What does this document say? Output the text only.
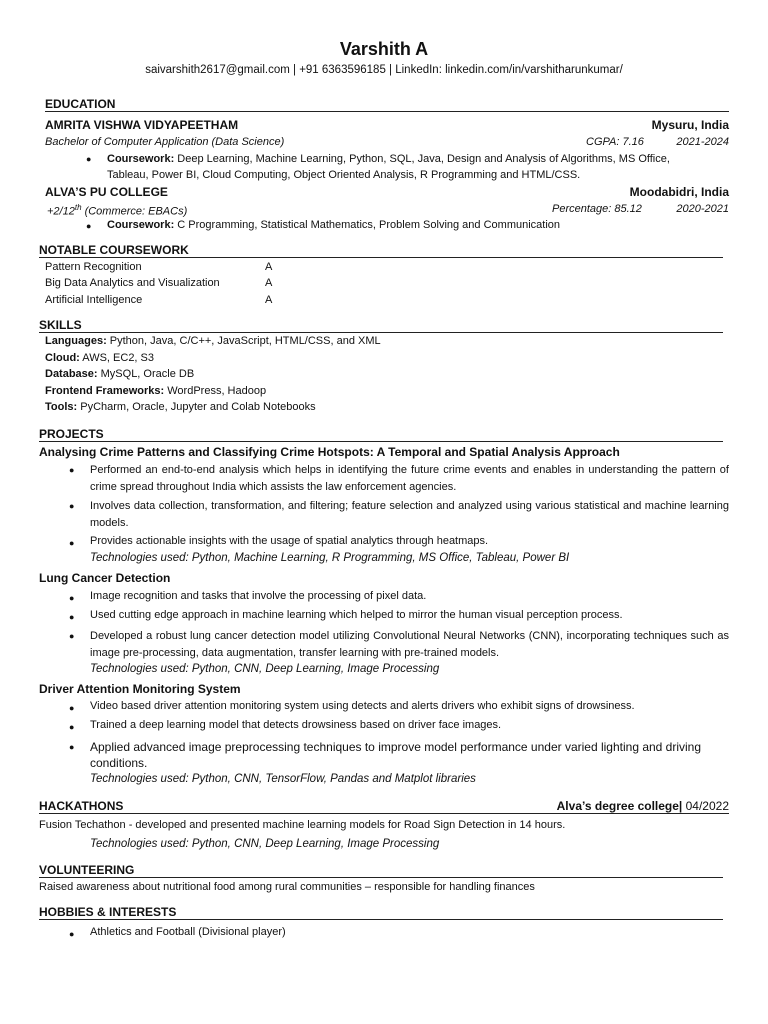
Varshith A
saivarshith2617@gmail.com | +91 6363596185 | LinkedIn: linkedin.com/in/varshitharunkumar/
EDUCATION
AMRITA VISHWA VIDYAPEETHAM	Mysuru, India
Bachelor of Computer Application (Data Science)	CGPA: 7.16	2021-2024
● Coursework: Deep Learning, Machine Learning, Python, SQL, Java, Design and Analysis of Algorithms, MS Office, Tableau, Power BI, Cloud Computing, Object Oriented Analysis, R Programming and HTML/CSS.
ALVA’S PU COLLEGE	Moodabidri, India
+2/12th (Commerce: EBACs)	Percentage: 85.12	2020-2021
● Coursework: C Programming, Statistical Mathematics, Problem Solving and Communication
NOTABLE COURSEWORK
Pattern Recognition	A
Big Data Analytics and Visualization	A
Artificial Intelligence	A
SKILLS
Languages: Python, Java, C/C++, JavaScript, HTML/CSS, and XML
Cloud: AWS, EC2, S3
Database: MySQL, Oracle DB
Frontend Frameworks: WordPress, Hadoop
Tools: PyCharm, Oracle, Jupyter and Colab Notebooks
PROJECTS
Analysing Crime Patterns and Classifying Crime Hotspots: A Temporal and Spatial Analysis Approach
● Performed an end-to-end analysis which helps in identifying the future crime events and enables in understanding the pattern of crime spread throughout India which assists the law enforcement agencies.
● Involves data collection, transformation, and filtering; feature selection and analyzed using various statistical and machine learning models.
● Provides actionable insights with the usage of spatial analytics through heatmaps.
Technologies used: Python, Machine Learning, R Programming, MS Office, Tableau, Power BI
Lung Cancer Detection
● Image recognition and tasks that involve the processing of pixel data.
● Used cutting edge approach in machine learning which helped to mirror the human visual perception process.
● Developed a robust lung cancer detection model utilizing Convolutional Neural Networks (CNN), incorporating techniques such as image pre-processing, data augmentation, transfer learning with pre-trained models.
Technologies used: Python, CNN, Deep Learning, Image Processing
Driver Attention Monitoring System
● Video based driver attention monitoring system using detects and alerts drivers who exhibit signs of drowsiness.
● Trained a deep learning model that detects drowsiness based on driver face images.
● Applied advanced image preprocessing techniques to improve model performance under varied lighting and driving conditions.
Technologies used: Python, CNN, TensorFlow, Pandas and Matplot libraries
HACKATHONS	Alva’s degree college| 04/2022
Fusion Techathon - developed and presented machine learning models for Road Sign Detection in 14 hours.
Technologies used: Python, CNN, Deep Learning, Image Processing
VOLUNTEERING
Raised awareness about nutritional food among rural communities – responsible for handling finances
HOBBIES & INTERESTS
● Athletics and Football (Divisional player)
